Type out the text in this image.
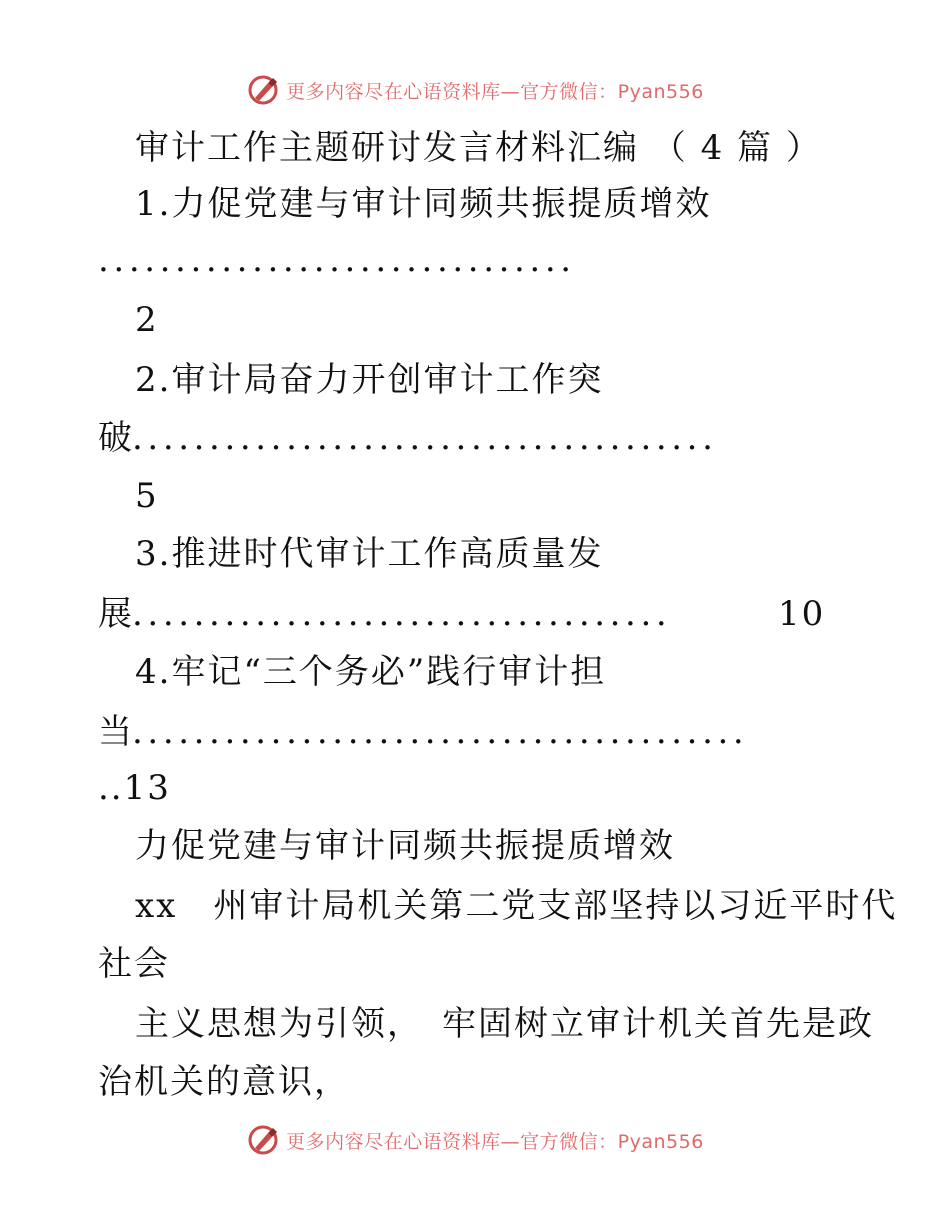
更多内容尽在心语资料库—官方微信：Pyan556
审计工作主题研讨发言材料汇编 （ 4 篇 ）
1.力促党建与审计同频共振提质增效
...............................
2
2.审计局奋力开创审计工作突
破
......................................
5
3.推进时代审计工作高质量发
展
...................................	10
4.牢记“三个务必”践行审计担
当
........................................
..13
力促党建与审计同频共振提质增效
xx　州审计局机关第二党支部坚持以习近平时代
社会
主义思想为引领，　牢固树立审计机关首先是政
治机关的意识，
更多内容尽在心语资料库—官方微信：Pyan556
